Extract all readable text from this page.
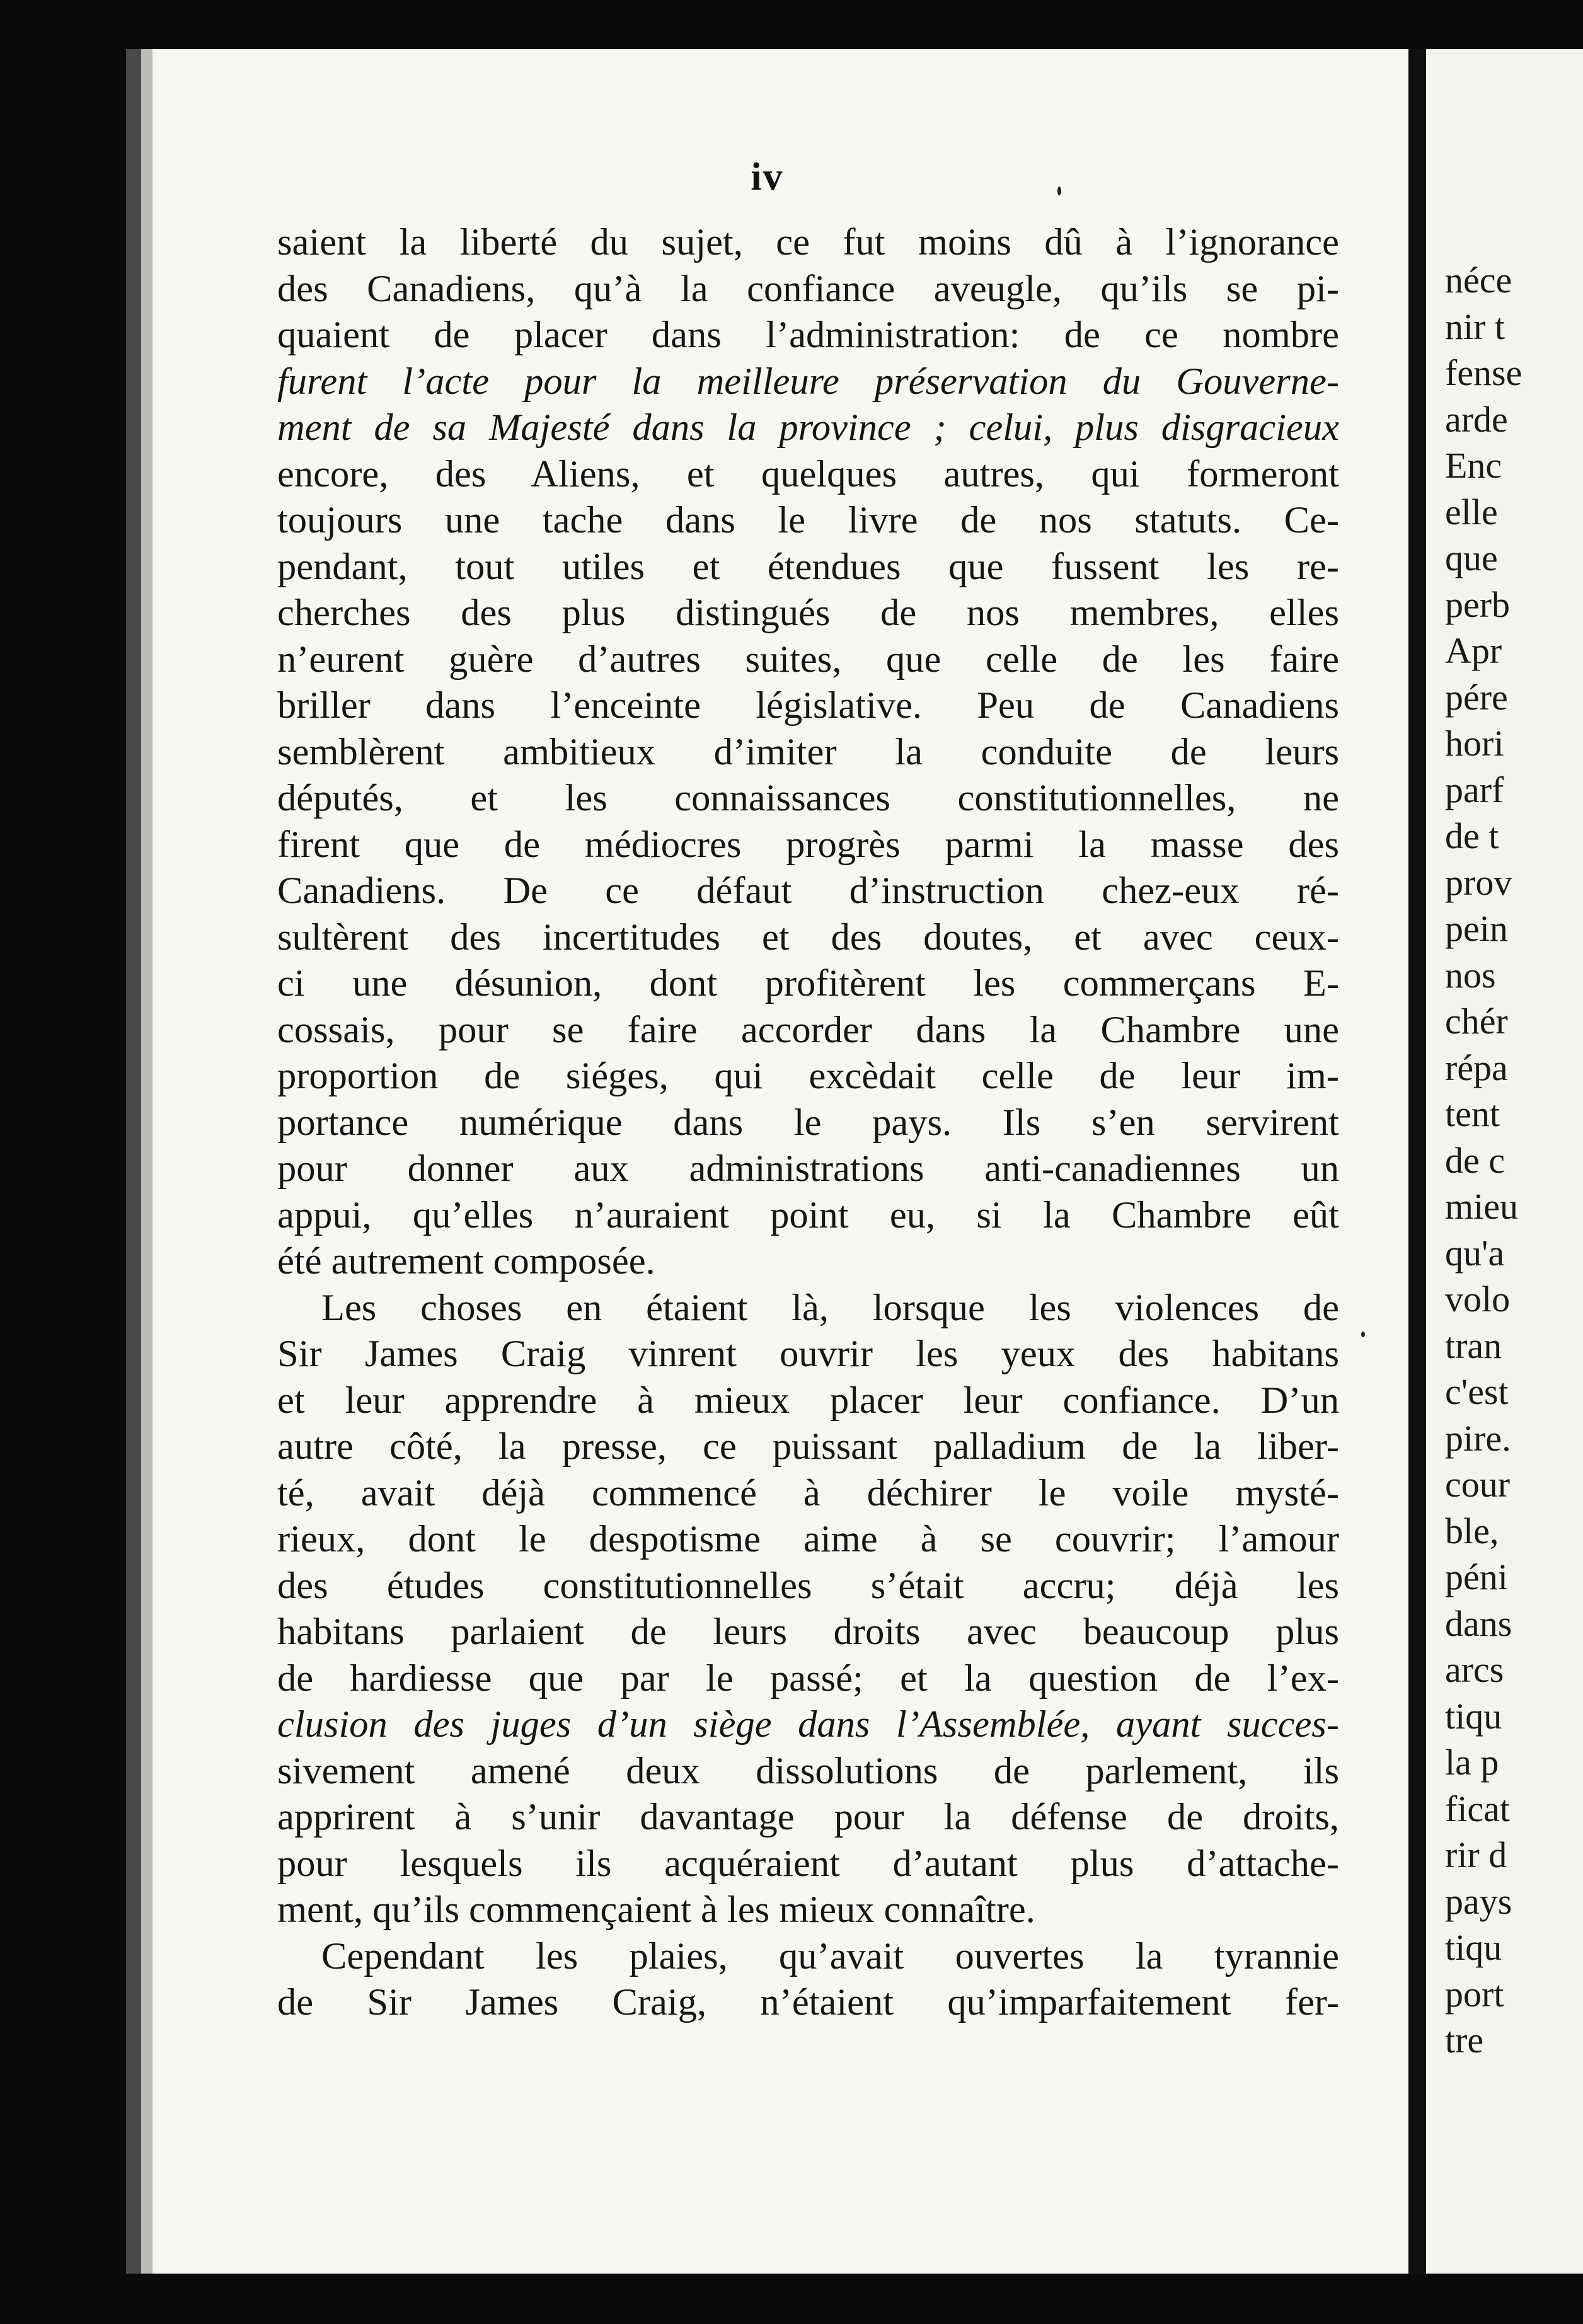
iv
saient la liberté du sujet, ce fut moins dû à l’ignorance
des Canadiens, qu’à la confiance aveugle, qu’ils se pi-
quaient de placer dans l’administration: de ce nombre
furent l’acte pour la meilleure préservation du Gouverne-
ment de sa Majesté dans la province ; celui, plus disgracieux
encore, des Aliens, et quelques autres, qui formeront
toujours une tache dans le livre de nos statuts. Ce-
pendant, tout utiles et étendues que fussent les re-
cherches des plus distingués de nos membres, elles
n’eurent guère d’autres suites, que celle de les faire
briller dans l’enceinte législative. Peu de Canadiens
semblèrent ambitieux d’imiter la conduite de leurs
députés, et les connaissances constitutionnelles, ne
firent que de médiocres progrès parmi la masse des
Canadiens. De ce défaut d’instruction chez-eux ré-
sultèrent des incertitudes et des doutes, et avec ceux-
ci une désunion, dont profitèrent les commerçans E-
cossais, pour se faire accorder dans la Chambre une
proportion de siéges, qui excèdait celle de leur im-
portance numérique dans le pays. Ils s’en servirent
pour donner aux administrations anti-canadiennes un
appui, qu’elles n’auraient point eu, si la Chambre eût
été autrement composée.
Les choses en étaient là, lorsque les violences de
Sir James Craig vinrent ouvrir les yeux des habitans
et leur apprendre à mieux placer leur confiance. D’un
autre côté, la presse, ce puissant palladium de la liber-
té, avait déjà commencé à déchirer le voile mysté-
rieux, dont le despotisme aime à se couvrir; l’amour
des études constitutionnelles s’était accru; déjà les
habitans parlaient de leurs droits avec beaucoup plus
de hardiesse que par le passé; et la question de l’ex-
clusion des juges d’un siège dans l’Assemblée, ayant succes-
sivement amené deux dissolutions de parlement, ils
apprirent à s’unir davantage pour la défense de droits,
pour lesquels ils acquéraient d’autant plus d’attache-
ment, qu’ils commençaient à les mieux connaître.
Cependant les plaies, qu’avait ouvertes la tyrannie
de Sir James Craig, n’étaient qu’imparfaitement fer-
néce
nir t
fense
arde
Enc
elle
que
perb
Apr
pére
hori
parf
de t
prov
pein
nos
chér
répa
tent
de c
mieu
qu'a
volo
tran
c'est
pire.
cour
ble,
péni
dans
arcs
tiqu
la p
ficat
rir d
pays
tiqu
port
tre
